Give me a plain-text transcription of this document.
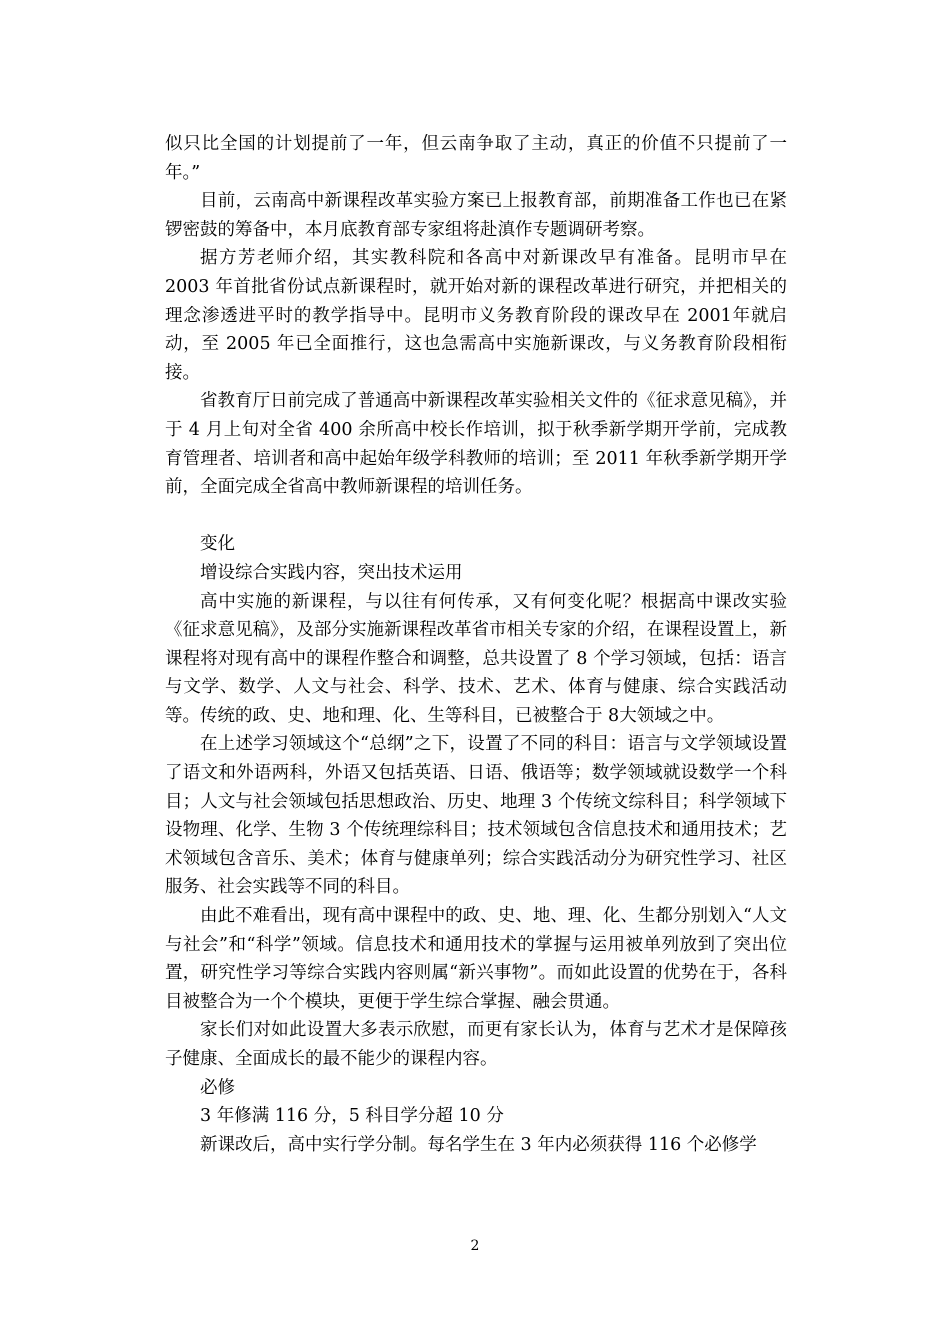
似只比全国的计划提前了一年，但云南争取了主动，真正的价值不只提前了一年。”

目前，云南高中新课程改革实验方案已上报教育部，前期准备工作也已在紧锣密鼓的筹备中，本月底教育部专家组将赴滇作专题调研考察。

据方芳老师介绍，其实教科院和各高中对新课改早有准备。昆明市早在2003 年首批省份试点新课程时，就开始对新的课程改革进行研究，并把相关的理念渗透进平时的教学指导中。昆明市义务教育阶段的课改早在 2001年就启动，至 2005 年已全面推行，这也急需高中实施新课改，与义务教育阶段相衔接。

省教育厅日前完成了普通高中新课程改革实验相关文件的《征求意见稿》，并于 4 月上旬对全省 400 余所高中校长作培训，拟于秋季新学期开学前，完成教育管理者、培训者和高中起始年级学科教师的培训；至 2011 年秋季新学期开学前，全面完成全省高中教师新课程的培训任务。

变化

增设综合实践内容，突出技术运用

高中实施的新课程，与以往有何传承，又有何变化呢？根据高中课改实验《征求意见稿》，及部分实施新课程改革省市相关专家的介绍，在课程设置上，新课程将对现有高中的课程作整合和调整，总共设置了 8 个学习领域，包括：语言与文学、数学、人文与社会、科学、技术、艺术、体育与健康、综合实践活动等。传统的政、史、地和理、化、生等科目，已被整合于 8大领域之中。

在上述学习领域这个“总纲”之下，设置了不同的科目：语言与文学领域设置了语文和外语两科，外语又包括英语、日语、俄语等；数学领域就设数学一个科目；人文与社会领域包括思想政治、历史、地理 3 个传统文综科目；科学领域下设物理、化学、生物 3 个传统理综科目；技术领域包含信息技术和通用技术；艺术领域包含音乐、美术；体育与健康单列；综合实践活动分为研究性学习、社区服务、社会实践等不同的科目。

由此不难看出，现有高中课程中的政、史、地、理、化、生都分别划入“人文与社会”和“科学”领域。信息技术和通用技术的掌握与运用被单列放到了突出位置，研究性学习等综合实践内容则属“新兴事物”。而如此设置的优势在于，各科目被整合为一个个模块，更便于学生综合掌握、融会贯通。

家长们对如此设置大多表示欣慰，而更有家长认为，体育与艺术才是保障孩子健康、全面成长的最不能少的课程内容。

必修

3 年修满 116 分，5 科目学分超 10 分

新课改后，高中实行学分制。每名学生在 3 年内必须获得 116 个必修学

2
